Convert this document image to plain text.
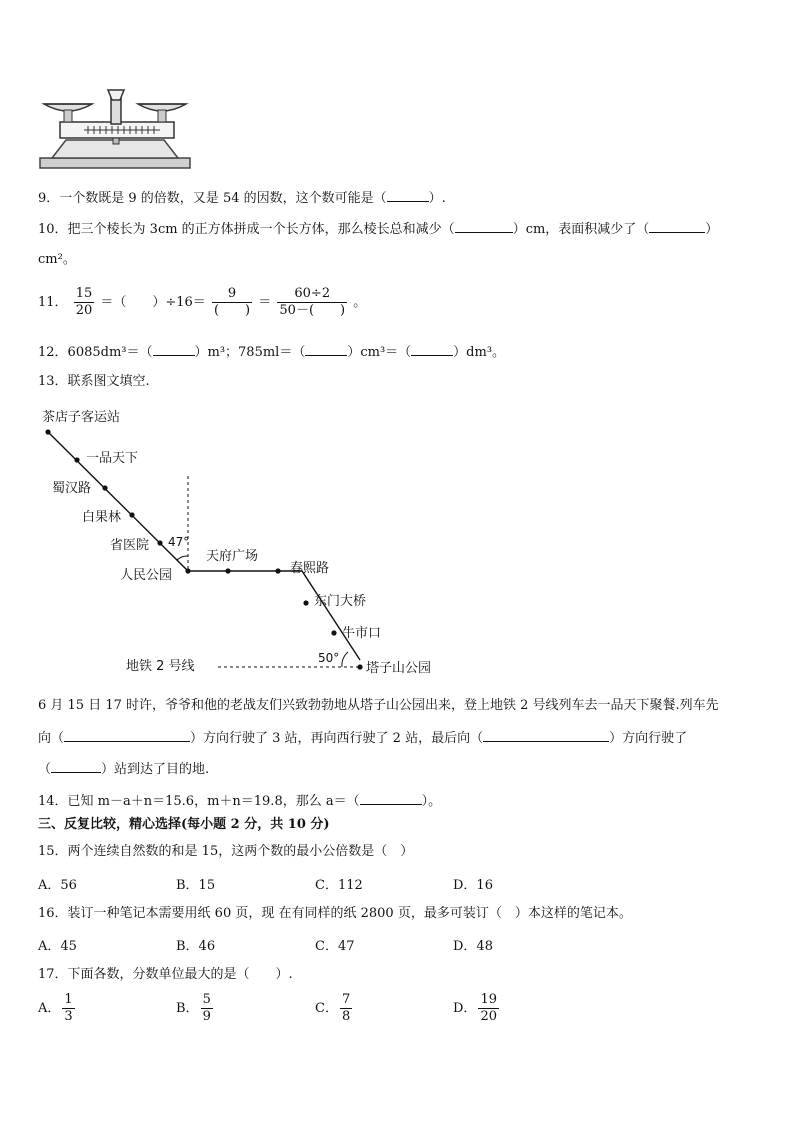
9．一个数既是 9 的倍数，又是 54 的因数，这个数可能是（	）.
10．把三个棱长为 3cm 的正方体拼成一个长方体，那么棱长总和减少（	）cm，表面积减少了（	）
cm²。
11． $\frac{15}{20}$ ＝（　　）$\div 16= \frac{9}{( )} = \frac{60\div 2}{50-( )}$ 。
12．6085dm³＝（	）m³；785ml＝（	）cm³＝（	）dm³。
13．联系图文填空.
茶店子客运站
一品天下
蜀汉路
白果林
省医院
人民公园
天府广场
春熙路
东门大桥
牛市口
塔子山公园
47°
50°
地铁 2 号线
6 月 15 日 17 时许，爷爷和他的老战友们兴致勃勃地从塔子山公园出来，登上地铁 2 号线列车去一品天下聚餐.列车先
向（	）方向行驶了 3 站，再向西行驶了 2 站，最后向（	）方向行驶了
（	）站到达了目的地.
14．已知 m－a＋n＝15.6，m＋n＝19.8，那么 a＝（	）。
三、反复比较，精心选择(每小题 2 分，共 10 分)
15．两个连续自然数的和是 15，这两个数的最小公倍数是（　）
A．56	B．15	C．112	D．16
16．装订一种笔记本需要用纸 60 页，现 在有同样的纸 2800 页，最多可装订（　）本这样的笔记本。
A．45	B．46	C．47	D．48
17．下面各数，分数单位最大的是（　　）.
A． $\frac{1}{3}$	B． $\frac{5}{9}$	C． $\frac{7}{8}$	D． $\frac{19}{20}$
